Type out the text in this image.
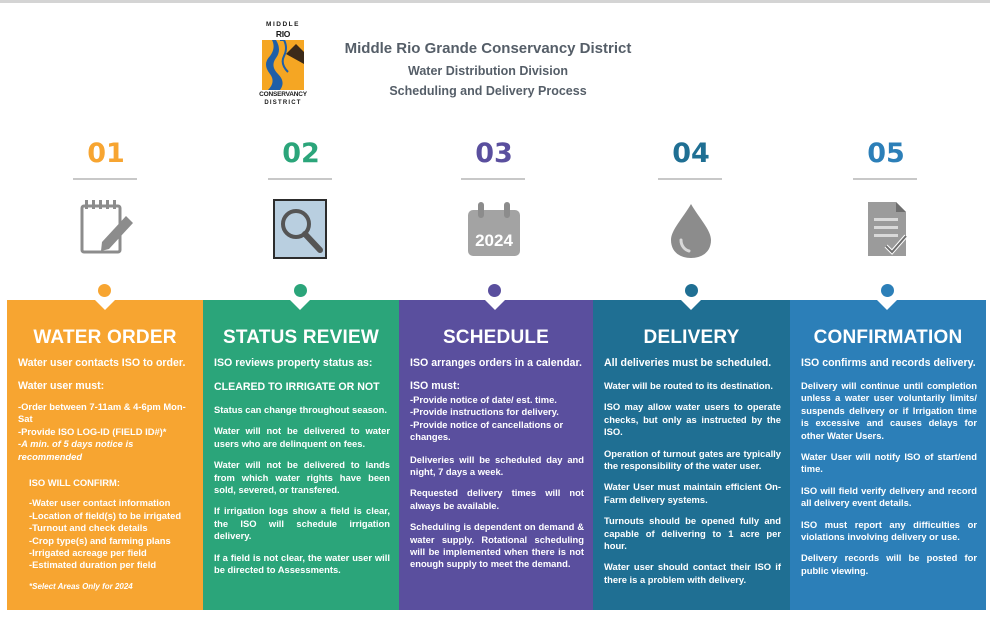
MIDDLE
RIO
CONSERVANCY
DISTRICT
Middle Rio Grande Conservancy District
Water Distribution Division
Scheduling and Delivery Process
01	02	03	04	05
2024
WATER ORDER

Water user contacts ISO to order.

Water user must:

-Order between 7-11am & 4-6pm Mon-Sat
-Provide ISO LOG-ID (FIELD ID#)*
-A min. of 5 days notice is recommended
ISO WILL CONFIRM:
-Water user contact information
-Location of field(s) to be irrigated
-Turnout and check details
-Crop type(s) and farming plans
-Irrigated acreage per field
-Estimated duration per field
*Select Areas Only for 2024
STATUS REVIEW

ISO reviews property status as:

CLEARED TO IRRIGATE OR NOT

Status can change throughout season.

Water will not be delivered to water users who are delinquent on fees.

Water will not be delivered to lands from which water rights have been sold, severed, or transfered.

If irrigation logs show a field is clear, the ISO will schedule irrigation delivery.

If a field is not clear, the water user will be directed to Assessments.

SCHEDULE

ISO arranges orders in a calendar.

ISO must:

-Provide notice of date/ est. time.
-Provide instructions for delivery.
-Provide notice of cancellations or changes.

Deliveries will be scheduled day and night, 7 days a week.

Requested delivery times will not always be available.

Scheduling is dependent on demand & water supply. Rotational scheduling will be implemented when there is not enough supply to meet the demand.

DELIVERY

All deliveries must be scheduled.

Water will be routed to its destination.

ISO may allow water users to operate checks, but only as instructed by the ISO.

Operation of turnout gates are typically the responsibility of the water user.

Water User must maintain efficient On-Farm delivery systems.

Turnouts should be opened fully and capable of delivering to 1 acre per hour.

Water user should contact their ISO if there is a problem with delivery.

CONFIRMATION

ISO confirms and records delivery.

Delivery will continue until completion unless a water user voluntarily limits/ suspends delivery or if Irrigation time is excessive and causes delays for other Water Users.

Water User will notify ISO of start/end time.

ISO will field verify delivery and record all delivery event details.

ISO must report any difficulties or violations involving delivery or use.

Delivery records will be posted for public viewing.
